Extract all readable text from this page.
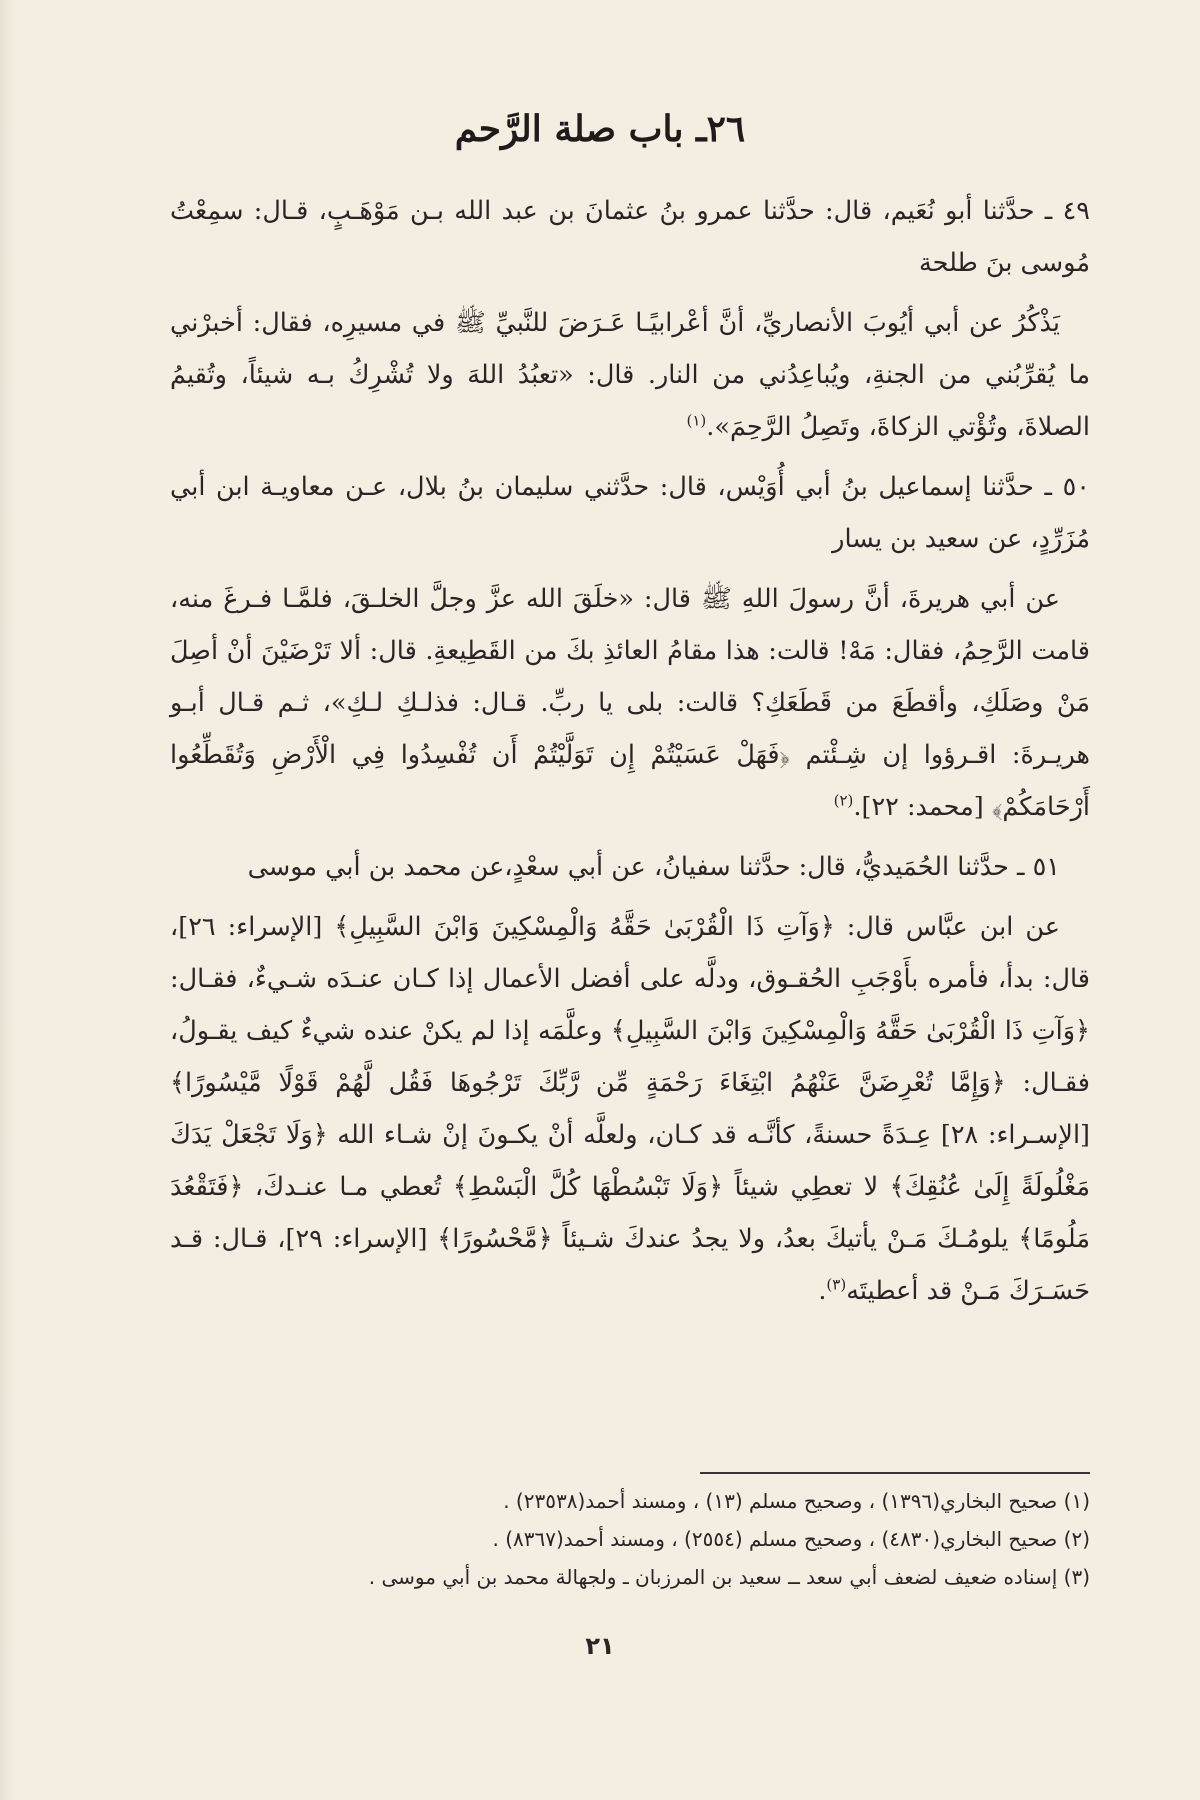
٢٦ـ باب صلة الرَّحم

٤٩ ـ حدَّثنا أبو نُعَيم، قال: حدَّثنا عمرو بنُ عثمانَ بن عبد الله بـن مَوْهَـبٍ، قـال: سمِعْتُ مُوسى بنَ طلحة

يَذْكُرُ عن أبي أيُوبَ الأنصاريِّ، أنَّ أعْرابيًـا عَـرَضَ للنَّبيِّ ﷺ في مسيرِه، فقال: أخبرْني ما يُقرِّبُني من الجنةِ، ويُباعِدُني من النار. قال: «تعبُدُ اللهَ ولا تُشْرِكُ بـه شيئاً، وتُقيمُ الصلاةَ، وتُؤْتي الزكاةَ، وتَصِلُ الرَّحِمَ».$^{(١)}$

٥٠ ـ حدَّثنا إسماعيل بنُ أبي أُوَيْس، قال: حدَّثني سليمان بنُ بلال، عـن معاويـة ابن أبي مُزَرِّدٍ، عن سعيد بن يسار

عن أبي هريرةَ، أنَّ رسولَ اللهِ ﷺ قال: «خلَقَ الله عزَّ وجلَّ الخلـقَ، فلمَّـا فـرغَ منه، قامت الرَّحِمُ، فقال: مَهْ! قالت: هذا مقامُ العائذِ بكَ من القَطِيعةِ. قال: ألا تَرْضَيْنَ أنْ أصِلَ مَنْ وصَلَكِ، وأقطَعَ من قَطَعَكِ؟ قالت: بلى يا ربِّ. قـال: فذلـكِ لـكِ»، ثـم قـال أبـو هريـرةَ: اقـرؤوا إن شِـئْتم ﴿فَهَلْ عَسَيْتُمْ إِن تَوَلَّيْتُمْ أَن تُفْسِدُوا فِي الْأَرْضِ وَتُقَطِّعُوا أَرْحَامَكُمْ﴾ [محمد: ٢٢].$^{(٢)}$

٥١ ـ حدَّثنا الحُمَيديُّ، قال: حدَّثنا سفيانُ، عن أبي سعْدٍ،عن محمد بن أبي موسى

عن ابن عبَّاس قال: ﴿وَآتِ ذَا الْقُرْبَىٰ حَقَّهُ وَالْمِسْكِينَ وَابْنَ السَّبِيلِ﴾ [الإسراء: ٢٦]، قال: بدأ، فأمره بأَوْجَبِ الحُقـوق، ودلَّه على أفضل الأعمال إذا كـان عنـدَه شـيءٌ، فقـال: ﴿وَآتِ ذَا الْقُرْبَىٰ حَقَّهُ وَالْمِسْكِينَ وَابْنَ السَّبِيلِ﴾ وعلَّمَه إذا لم يكنْ عنده شيءٌ كيف يقـولُ، فقـال: ﴿وَإِمَّا تُعْرِضَنَّ عَنْهُمُ ابْتِغَاءَ رَحْمَةٍ مِّن رَّبِّكَ تَرْجُوهَا فَقُل لَّهُمْ قَوْلًا مَّيْسُورًا﴾ [الإسـراء: ٢٨] عِـدَةً حسنةً، كأنَّـه قد كـان، ولعلَّه أنْ يكـونَ إنْ شـاء الله ﴿وَلَا تَجْعَلْ يَدَكَ مَغْلُولَةً إِلَىٰ عُنُقِكَ﴾ لا تعطِي شيئاً ﴿وَلَا تَبْسُطْهَا كُلَّ الْبَسْطِ﴾ تُعطي مـا عنـدكَ، ﴿فَتَقْعُدَ مَلُومًا﴾ يلومُـكَ مَـنْ يأتيكَ بعدُ، ولا يجدُ عندكَ شـيئاً ﴿مَّحْسُورًا﴾ [الإسراء: ٢٩]، قـال: قـد حَسَـرَكَ مَـنْ قد أعطيتَه$^{(٣)}$.

(١) صحيح البخاري(١٣٩٦) ، وصحيح مسلم (١٣) ، ومسند أحمد(٢٣٥٣٨) .

(٢) صحيح البخاري(٤٨٣٠) ، وصحيح مسلم (٢٥٥٤) ، ومسند أحمد(٨٣٦٧) .

(٣) إسناده ضعيف لضعف أبي سعد ــ سعيد بن المرزبان ـ ولجهالة محمد بن أبي موسى .

٢١
